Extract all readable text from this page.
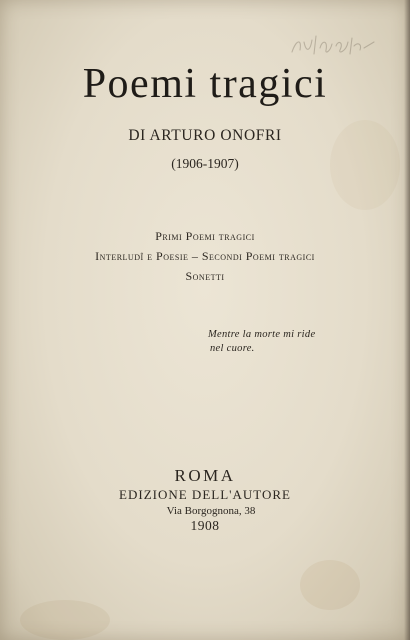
Poemi tragici
DI ARTURO ONOFRI
(1906-1907)
Primi Poemi tragici
Interludî e Poesie – Secondi Poemi tragici
Sonetti
Mentre la morte mi ride
nel cuore.
ROMA
EDIZIONE DELL'AUTORE
Via Borgognona, 38
1908
